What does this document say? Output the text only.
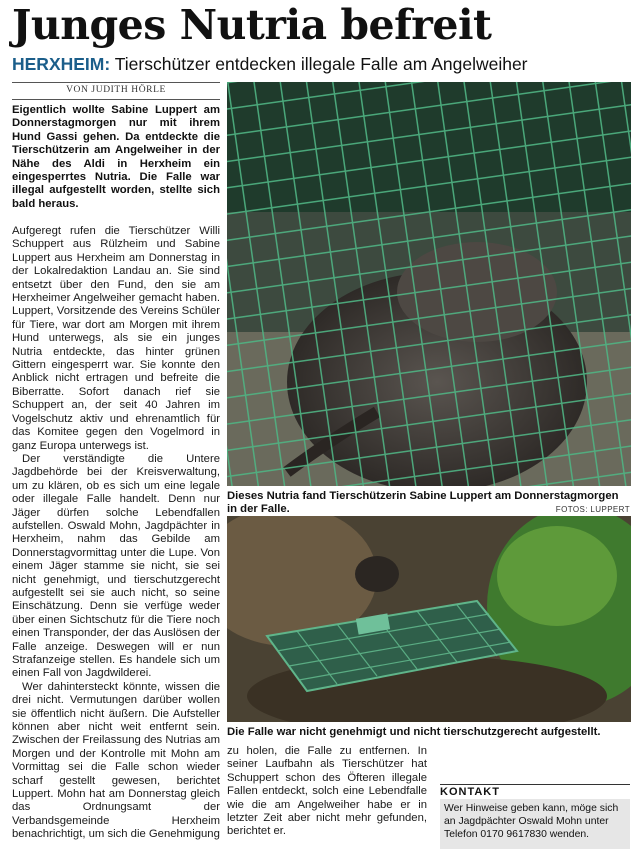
Junges Nutria befreit
HERXHEIM: Tierschützer entdecken illegale Falle am Angelweiher
VON JUDITH HÖRLE
Eigentlich wollte Sabine Luppert am Donnerstagmorgen nur mit ihrem Hund Gassi gehen. Da entdeckte die Tierschützerin am Angelweiher in der Nähe des Aldi in Herxheim ein eingesperrtes Nutria. Die Falle war illegal aufgestellt worden, stellte sich bald heraus.

Aufgeregt rufen die Tierschützer Willi Schuppert aus Rülzheim und Sabine Luppert aus Herxheim am Donnerstag in der Lokalredaktion Landau an. Sie sind entsetzt über den Fund, den sie am Herxheimer Angelweiher gemacht haben. Luppert, Vorsitzende des Vereins Schüler für Tiere, war dort am Morgen mit ihrem Hund unterwegs, als sie ein junges Nutria entdeckte, das hinter grünen Gittern eingesperrt war. Sie konnte den Anblick nicht ertragen und befreite die Biberratte. Sofort danach rief sie Schuppert an, der seit 40 Jahren im Vogelschutz aktiv und ehrenamtlich für das Komitee gegen den Vogelmord in ganz Europa unterwegs ist.

Der verständigte die Untere Jagdbehörde bei der Kreisverwaltung, um zu klären, ob es sich um eine legale oder illegale Falle handelt. Denn nur Jäger dürfen solche Lebendfallen aufstellen. Oswald Mohn, Jagdpächter in Herxheim, nahm das Gebilde am Donnerstagvormittag unter die Lupe. Von einem Jäger stamme sie nicht, sie sei nicht genehmigt, und tierschutzgerecht aufgestellt sei sie auch nicht, so seine Einschätzung. Denn sie verfüge weder über einen Sichtschutz für die Tiere noch einen Transponder, der das Auslösen der Falle anzeige. Deswegen will er nun Strafanzeige stellen. Es handele sich um einen Fall von Jagdwilderei.

Wer dahintersteckt könnte, wissen die drei nicht. Vermutungen darüber wollen sie öffentlich nicht äußern. Die Aufsteller können aber nicht weit entfernt sein. Zwischen der Freilassung des Nutrias am Morgen und der Kontrolle mit Mohn am Vormittag sei die Falle schon wieder scharf gestellt gewesen, berichtet Luppert. Mohn hat am Donnerstag gleich das Ordnungsamt der Verbandsgemeinde Herxheim benachrichtigt, um sich die Genehmigung

Dieses Nutria fand Tierschützerin Sabine Luppert am Donnerstagmorgen in der Falle.	FOTOS: LUPPERT
Die Falle war nicht genehmigt und nicht tierschutzgerecht aufgestellt.

zu holen, die Falle zu entfernen. In seiner Laufbahn als Tierschützer hat Schuppert schon des Öfteren illegale Fallen entdeckt, solch eine Lebendfalle wie die am Angelweiher habe er in letzter Zeit aber nicht mehr gefunden, berichtet er.

KONTAKT
Wer Hinweise geben kann, möge sich an Jagdpächter Oswald Mohn unter Telefon 0170 9617830 wenden.
